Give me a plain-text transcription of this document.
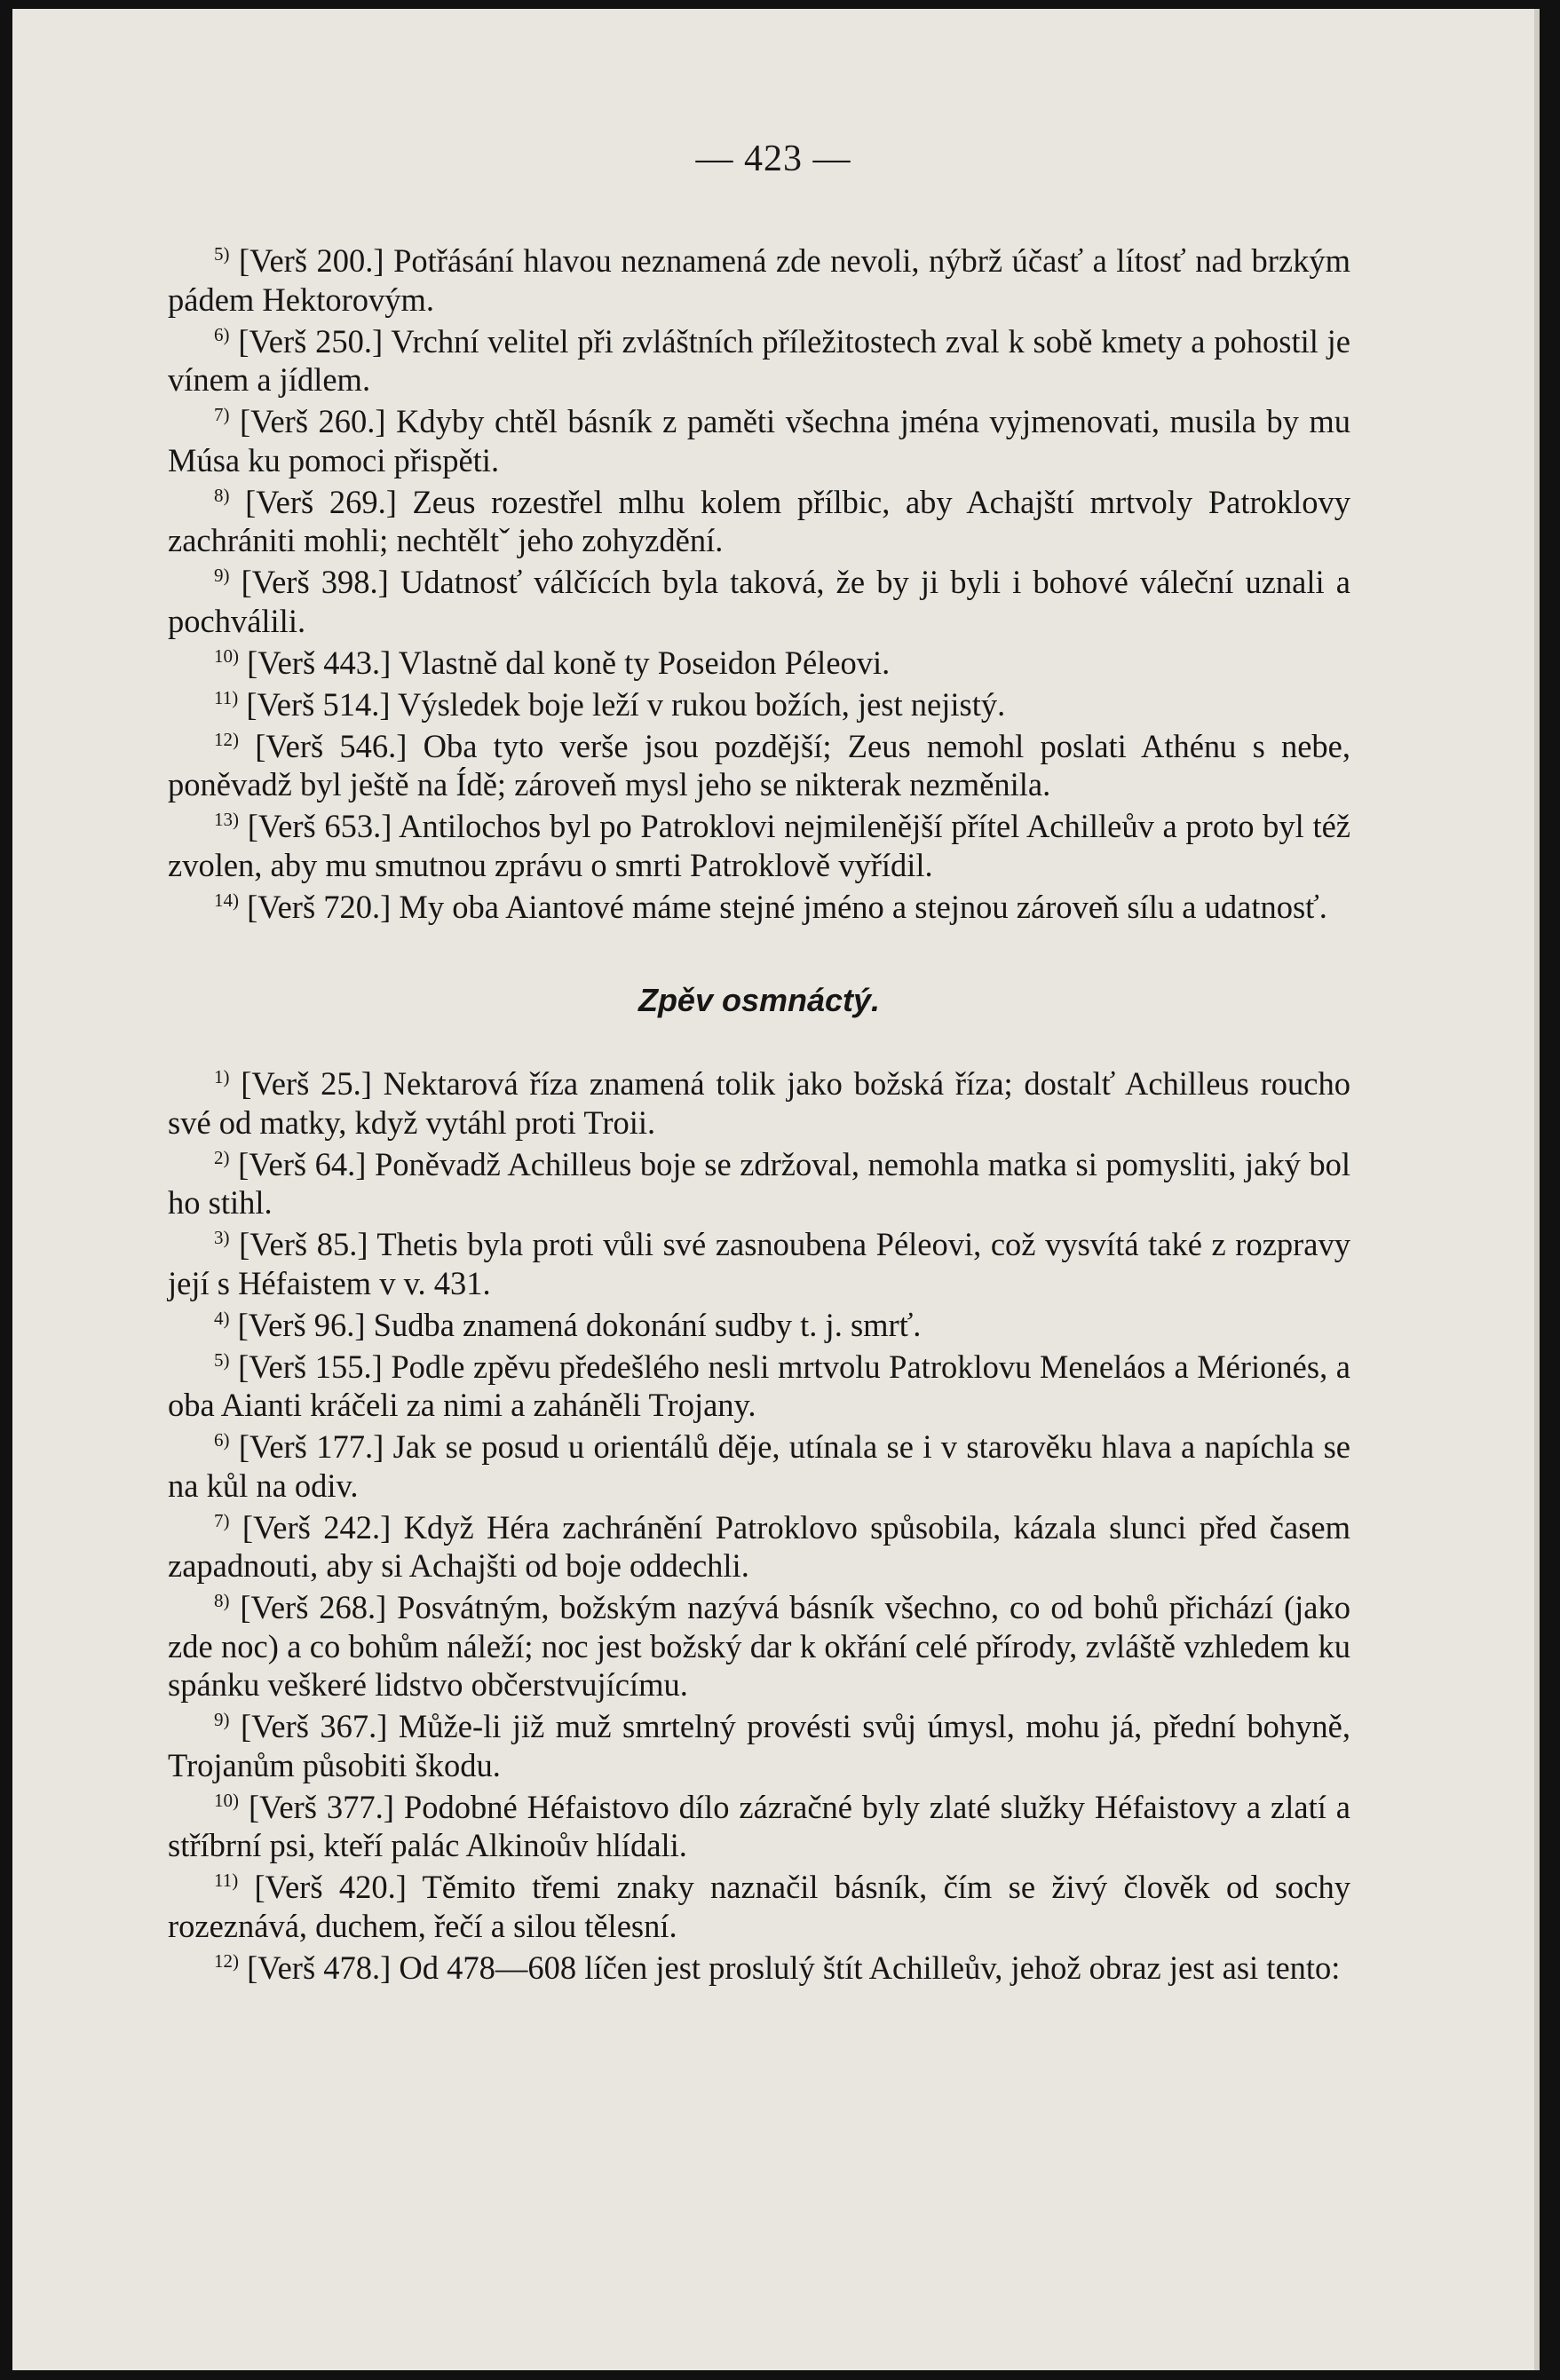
— 423 —

$^{5)}$ [Verš 200.] Potřásání hlavou neznamená zde nevoli, nýbrž účasť a lítosť nad brzkým pádem Hektorovým.

$^{6)}$ [Verš 250.] Vrchní velitel při zvláštních příležitostech zval k sobě kmety a pohostil je vínem a jídlem.

$^{7)}$ [Verš 260.] Kdyby chtěl básník z paměti všechna jména vyjmenovati, musila by mu Músa ku pomoci přispěti.

$^{8)}$ [Verš 269.] Zeus rozestřel mlhu kolem přílbic, aby Achajští mrtvoly Patroklovy zachrániti mohli; nechtěltˇ jeho zohyzdění.

$^{9)}$ [Verš 398.] Udatnosť válčících byla taková, že by ji byli i bohové váleční uznali a pochválili.

$^{10)}$ [Verš 443.] Vlastně dal koně ty Poseidon Péleovi.

$^{11)}$ [Verš 514.] Výsledek boje leží v rukou božích, jest nejistý.

$^{12)}$ [Verš 546.] Oba tyto verše jsou pozdější; Zeus nemohl poslati Athénu s nebe, poněvadž byl ještě na Ídě; zároveň mysl jeho se nikterak nezměnila.

$^{13)}$ [Verš 653.] Antilochos byl po Patroklovi nejmilenější přítel Achilleův a proto byl též zvolen, aby mu smutnou zprávu o smrti Patroklově vyřídil.

$^{14)}$ [Verš 720.] My oba Aiantové máme stejné jméno a stejnou zároveň sílu a udatnosť.

Zpěv osmnáctý.

$^{1)}$ [Verš 25.] Nektarová říza znamená tolik jako božská říza; dostalť Achilleus roucho své od matky, když vytáhl proti Troii.

$^{2)}$ [Verš 64.] Poněvadž Achilleus boje se zdržoval, nemohla matka si pomysliti, jaký bol ho stihl.

$^{3)}$ [Verš 85.] Thetis byla proti vůli své zasnoubena Péleovi, což vysvítá také z rozpravy její s Héfaistem v v. 431.

$^{4)}$ [Verš 96.] Sudba znamená dokonání sudby t. j. smrť.

$^{5)}$ [Verš 155.] Podle zpěvu předešlého nesli mrtvolu Patroklovu Meneláos a Mérionés, a oba Aianti kráčeli za nimi a zaháněli Trojany.

$^{6)}$ [Verš 177.] Jak se posud u orientálů děje, utínala se i v starověku hlava a napíchla se na kůl na odiv.

$^{7)}$ [Verš 242.] Když Héra zachránění Patroklovo spůsobila, kázala slunci před časem zapadnouti, aby si Achajšti od boje oddechli.

$^{8)}$ [Verš 268.] Posvátným, božským nazývá básník všechno, co od bohů přichází (jako zde noc) a co bohům náleží; noc jest božský dar k okřání celé přírody, zvláště vzhledem ku spánku veškeré lidstvo občerstvujícímu.

$^{9)}$ [Verš 367.] Může-li již muž smrtelný provésti svůj úmysl, mohu já, přední bohyně, Trojanům působiti škodu.

$^{10)}$ [Verš 377.] Podobné Héfaistovo dílo zázračné byly zlaté služky Héfaistovy a zlatí a stříbrní psi, kteří palác Alkinoův hlídali.

$^{11)}$ [Verš 420.] Těmito třemi znaky naznačil básník, čím se živý člověk od sochy rozeznává, duchem, řečí a silou tělesní.

$^{12)}$ [Verš 478.] Od 478—608 líčen jest proslulý štít Achilleův, jehož obraz jest asi tento:
